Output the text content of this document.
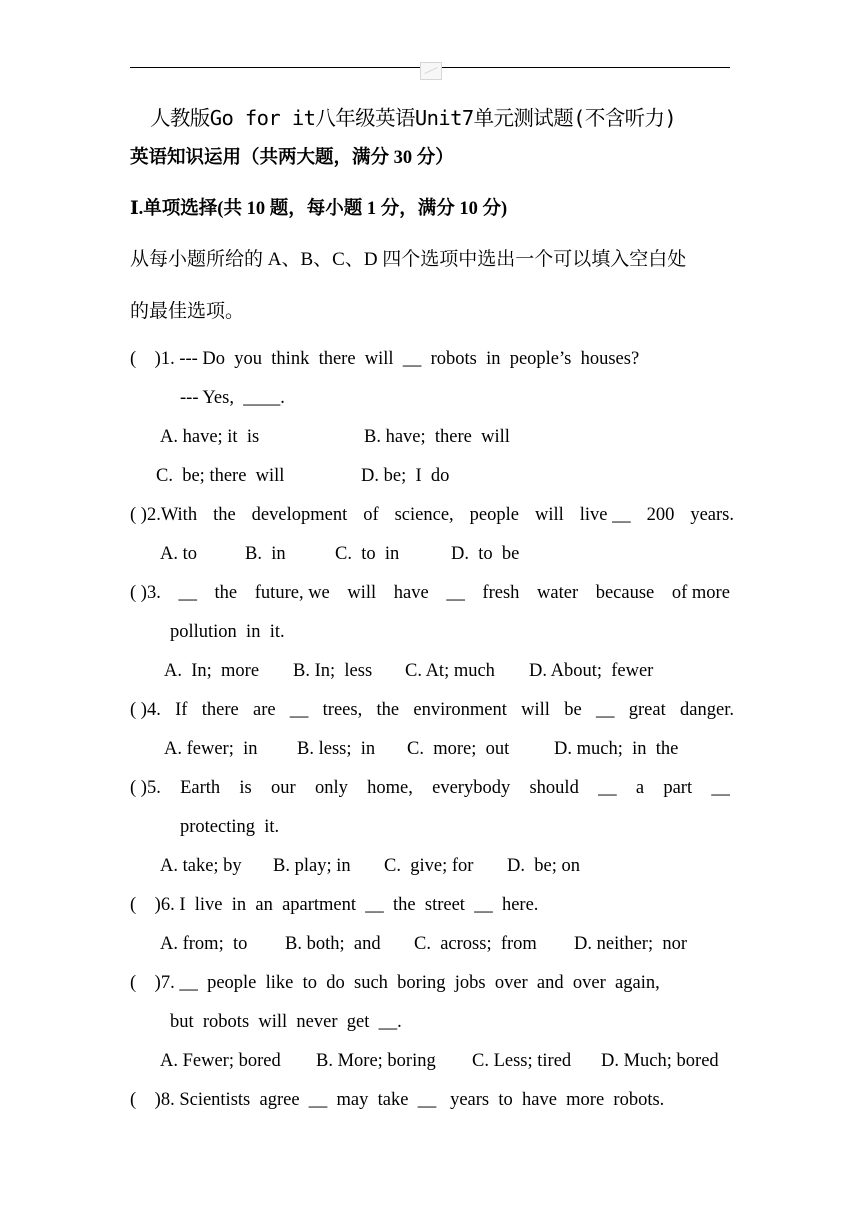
人教版Go for it八年级英语Unit7单元测试题(不含听力)
英语知识运用（共两大题，满分 30 分）
Ⅰ.单项选择(共 10 题，每小题 1 分，满分 10 分)
从每小题所给的 A、B、C、D 四个选项中选出一个可以填入空白处
的最佳选项。
(    )1. --- Do  you  think  there  will  __  robots  in  people’s  houses?
--- Yes,  ____.
A. have; it  is	B. have;  there  will
C.  be; there  will	D. be;  I  do
( )2.With the development of science, people will live __ 200 years.
A. to	B.  in	C.  to  in	D.  to  be
( )3. __ the future, we will have __ fresh water because of more
pollution  in  it.
A.  In;  more B. In;  less C. At; much D. About;  fewer
( )4. If there are __ trees, the environment will be __ great danger.
A. fewer;  in B. less;  in C.  more;  out D. much;  in  the
( )5. Earth is our only home, everybody should __ a part __
protecting  it.
A. take; by B. play; in C.  give; for D.  be; on
(    )6. I  live  in  an  apartment  __  the  street  __  here.
A. from;  to B. both;  and C.  across;  from D. neither;  nor
(    )7. __  people  like  to  do  such  boring  jobs  over  and  over  again,
but  robots  will  never  get  __.
A. Fewer; bored B. More; boring C. Less; tired D. Much; bored
(    )8. Scientists  agree  __  may  take  __   years  to  have  more  robots.
